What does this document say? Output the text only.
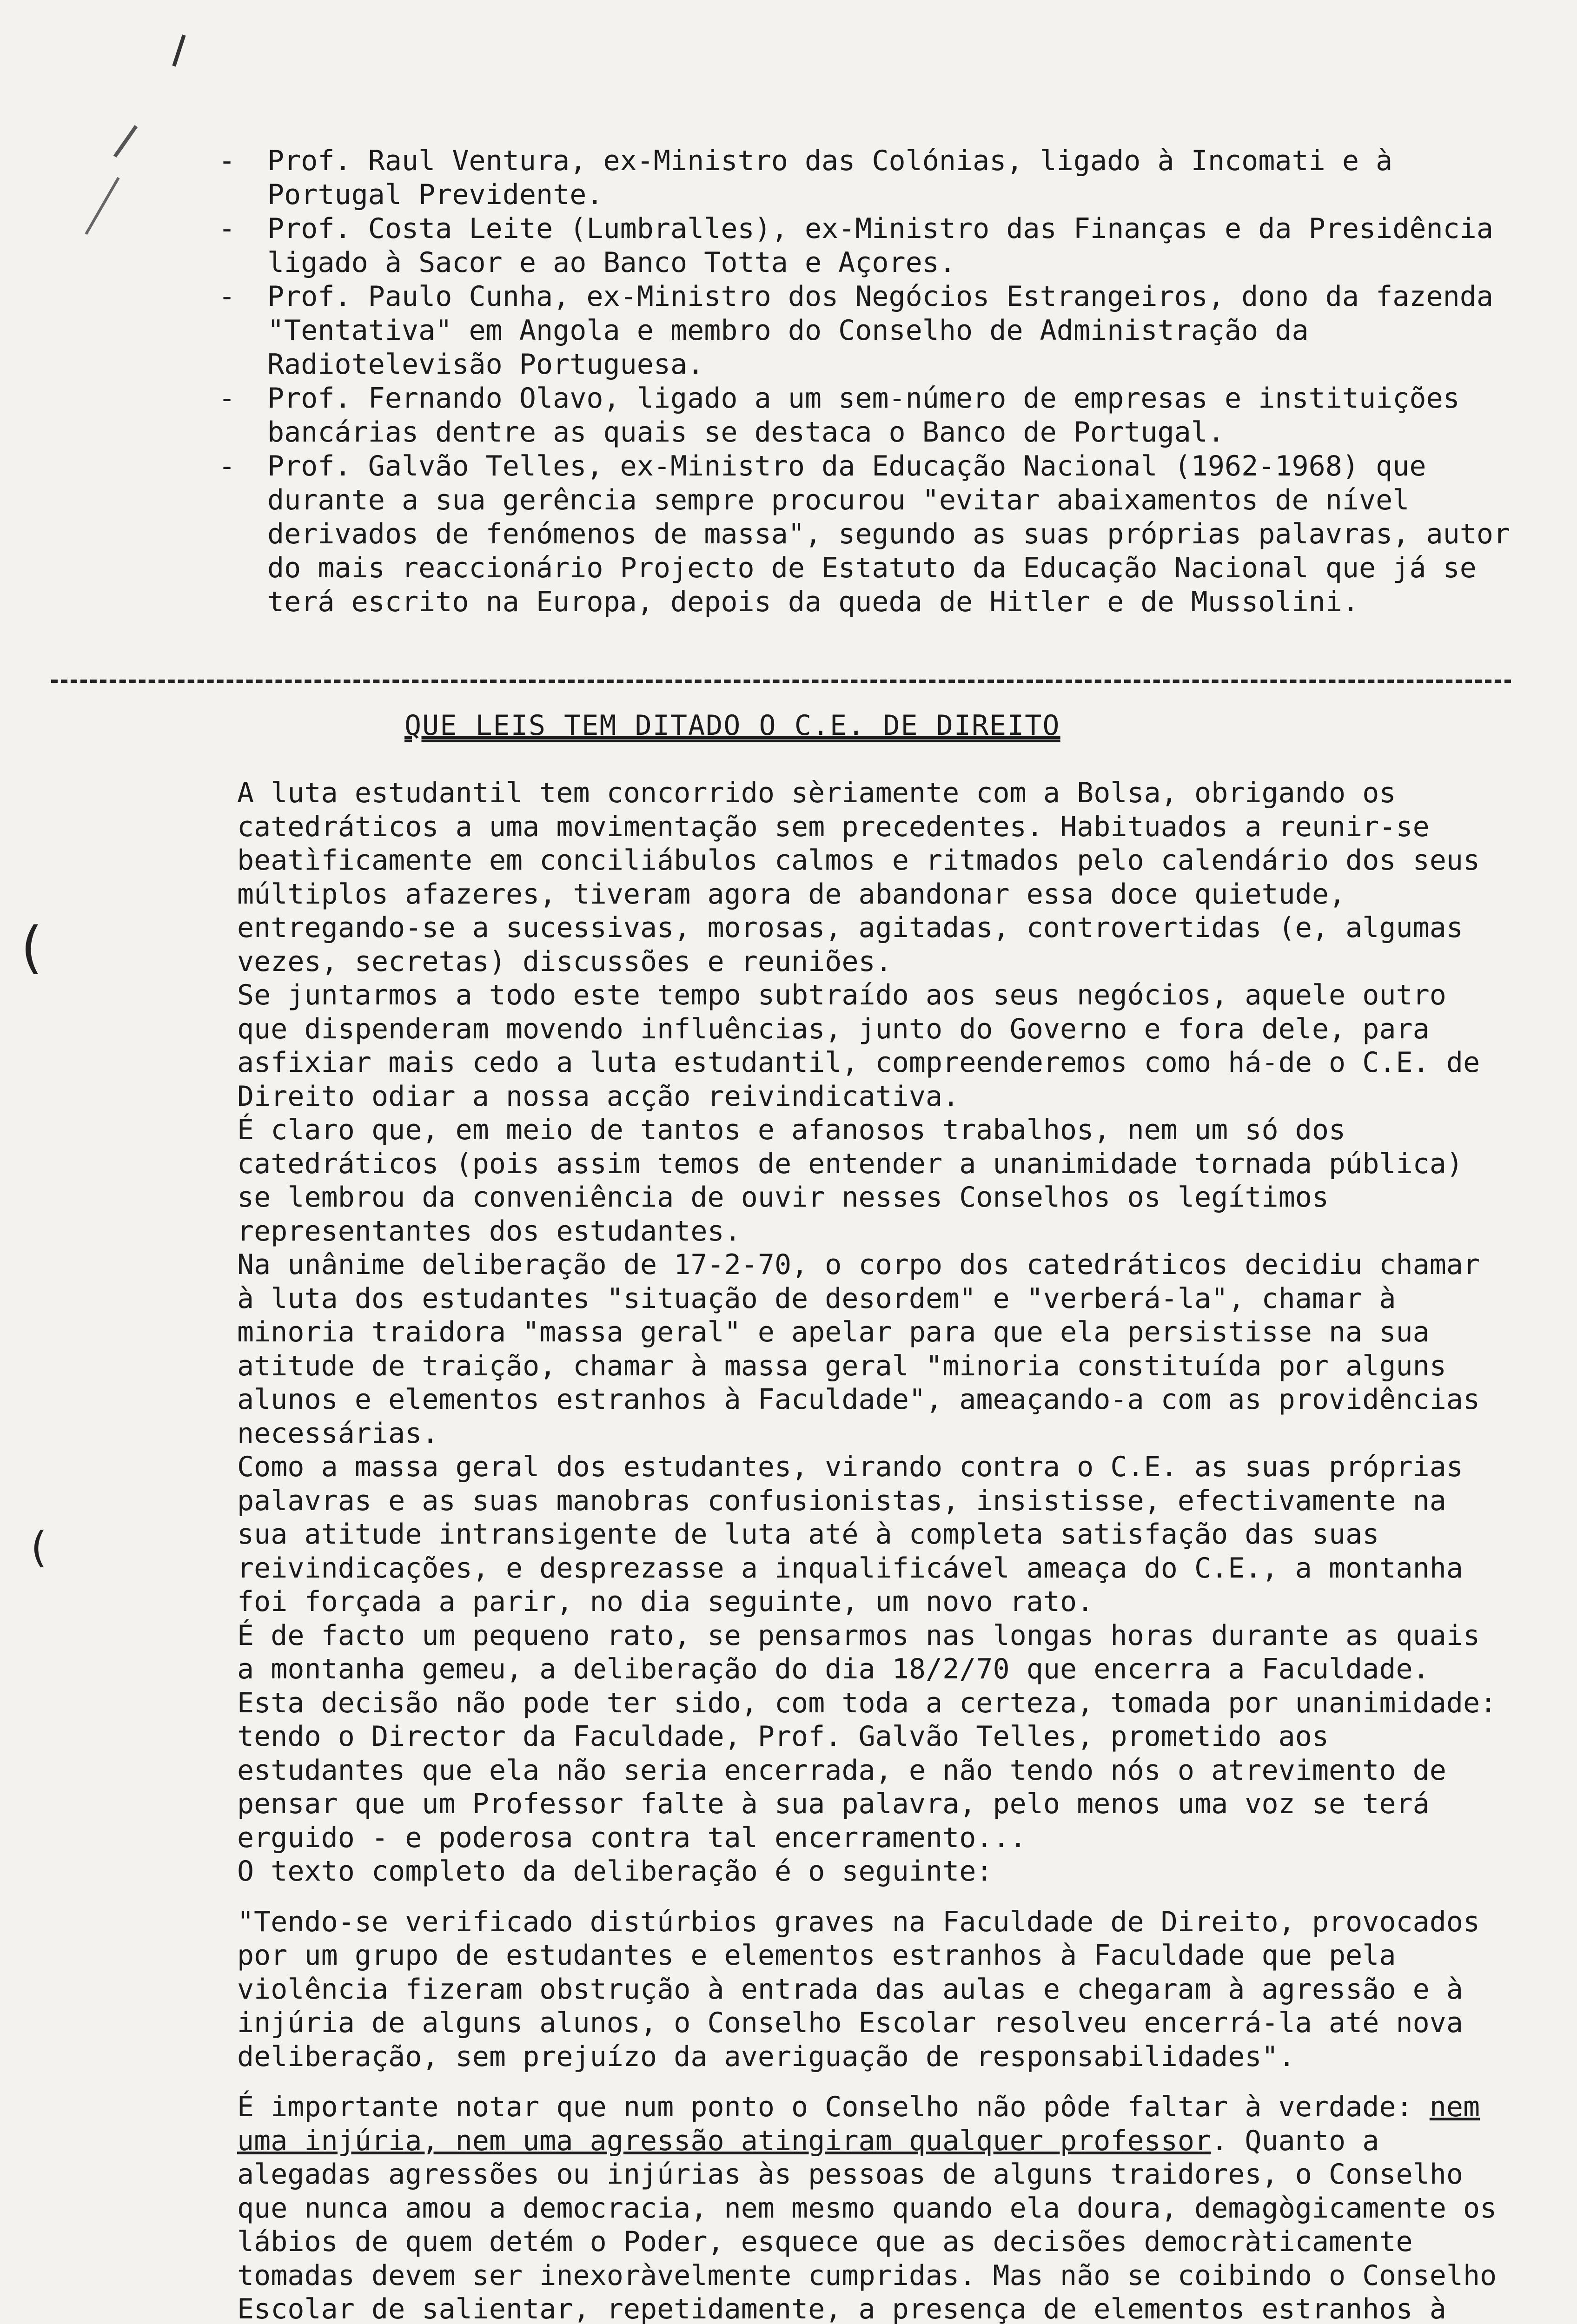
- Prof. Raul Ventura, ex-Ministro das Colónias, ligado à Incomati e à Portugal Previdente.
- Prof. Costa Leite (Lumbralles), ex-Ministro das Finanças e da Presidência ligado à Sacor e ao Banco Totta e Açores.
- Prof. Paulo Cunha, ex-Ministro dos Negócios Estrangeiros, dono da fazenda "Tentativa" em Angola e membro do Conselho de Administração da Radiotelevisão Portuguesa.
- Prof. Fernando Olavo, ligado a um sem-número de empresas e instituições bancárias dentre as quais se destaca o Banco de Portugal.
- Prof. Galvão Telles, ex-Ministro da Educação Nacional (1962-1968) que durante a sua gerência sempre procurou "evitar abaixamentos de nível derivados de fenómenos de massa", segundo as suas próprias palavras, autor do mais reaccionário Projecto de Estatuto da Educação Nacional que já se terá escrito na Europa, depois da queda de Hitler e de Mussolini.
QUE LEIS TEM DITADO O C.E. DE DIREITO
(
(

A luta estudantil tem concorrido sèriamente com a Bolsa, obrigando os catedráticos a uma movimentação sem precedentes. Habituados a reunir-se beatìficamente em conciliábulos calmos e ritmados pelo calendário dos seus múltiplos afazeres, tiveram agora de abandonar essa doce quietude, entregando-se a sucessivas, morosas, agitadas, controvertidas (e, algumas vezes, secretas) discussões e reuniões.

Se juntarmos a todo este tempo subtraído aos seus negócios, aquele outro que dispenderam movendo influências, junto do Governo e fora dele, para asfixiar mais cedo a luta estudantil, compreenderemos como há-de o C.E. de Direito odiar a nossa acção reivindicativa.

É claro que, em meio de tantos e afanosos trabalhos, nem um só dos catedráticos (pois assim temos de entender a unanimidade tornada pública) se lembrou da conveniência de ouvir nesses Conselhos os legítimos representantes dos estudantes.

Na unânime deliberação de 17-2-70, o corpo dos catedráticos decidiu chamar à luta dos estudantes "situação de desordem" e "verberá-la", chamar à minoria traidora "massa geral" e apelar para que ela persistisse na sua atitude de traição, chamar à massa geral "minoria constituída por alguns alunos e elementos estranhos à Faculdade", ameaçando-a com as providências necessárias.

Como a massa geral dos estudantes, virando contra o C.E. as suas próprias palavras e as suas manobras confusionistas, insistisse, efectivamente na sua atitude intransigente de luta até à completa satisfação das suas reivindicações, e desprezasse a inqualificável ameaça do C.E., a montanha foi forçada a parir, no dia seguinte, um novo rato.

É de facto um pequeno rato, se pensarmos nas longas horas durante as quais a montanha gemeu, a deliberação do dia 18/2/70 que encerra a Faculdade.

Esta decisão não pode ter sido, com toda a certeza, tomada por unanimidade: tendo o Director da Faculdade, Prof. Galvão Telles, prometido aos estudantes que ela não seria encerrada, e não tendo nós o atrevimento de pensar que um Professor falte à sua palavra, pelo menos uma voz se terá erguido - e poderosa contra tal encerramento...

O texto completo da deliberação é o seguinte:

"Tendo-se verificado distúrbios graves na Faculdade de Direito, provocados por um grupo de estudantes e elementos estranhos à Faculdade que pela violência fizeram obstrução à entrada das aulas e chegaram à agressão e à injúria de alguns alunos, o Conselho Escolar resolveu encerrá-la até nova deliberação, sem prejuízo da averiguação de responsabilidades".

É importante notar que num ponto o Conselho não pôde faltar à verdade: nem uma injúria, nem uma agressão atingiram qualquer professor. Quanto a alegadas agressões ou injúrias às pessoas de alguns traidores, o Conselho que nunca amou a democracia, nem mesmo quando ela doura, demagògicamente os lábios de quem detém o Poder, esquece que as decisões democràticamente tomadas devem ser inexoràvelmente cumpridas. Mas não se coibindo o Conselho Escolar de salientar, repetidamente, a presença de elementos estranhos à
